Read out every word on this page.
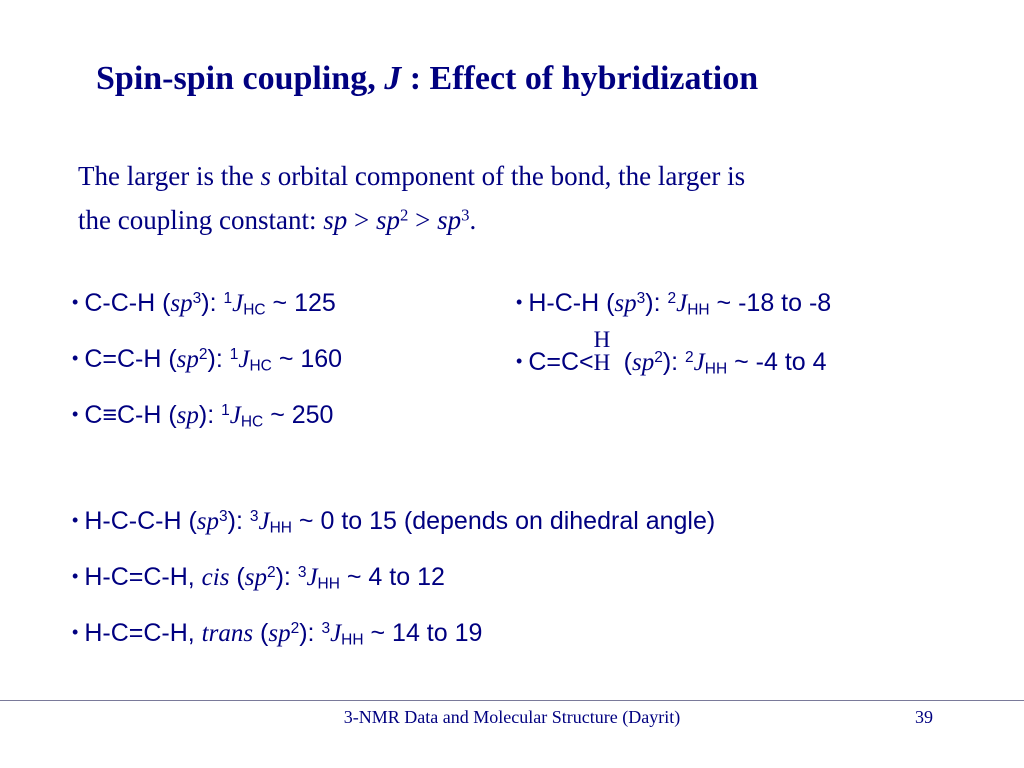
Spin-spin coupling, J : Effect of hybridization

The larger is the s orbital component of the bond, the larger is

the coupling constant: sp > $sp^2 > sp^3$.

• C-C-H $(sp^3)$: $^1J_{HC}$ ~ 125
• C=C-H $(sp^2)$: $^1J_{HC}$ ~ 160
• C≡C-H (sp): $^1J_{HC}$ ~ 250
• H-C-H $(sp^3)$: $^2J_{HH}$ ~ -18 to -8
• C=C<
H
H $(sp^2)$: $^2J_{HH}$ ~ -4 to 4
• H-C-C-H $(sp^3)$: $^3J_{HH}$ ~ 0 to 15 (depends on dihedral angle)
• H-C=C-H, cis $(sp^2)$: $^3J_{HH}$ ~ 4 to 12
• H-C=C-H, trans $(sp^2)$: $^3J_{HH}$ ~ 14 to 19
3-NMR Data and Molecular Structure (Dayrit)	39
